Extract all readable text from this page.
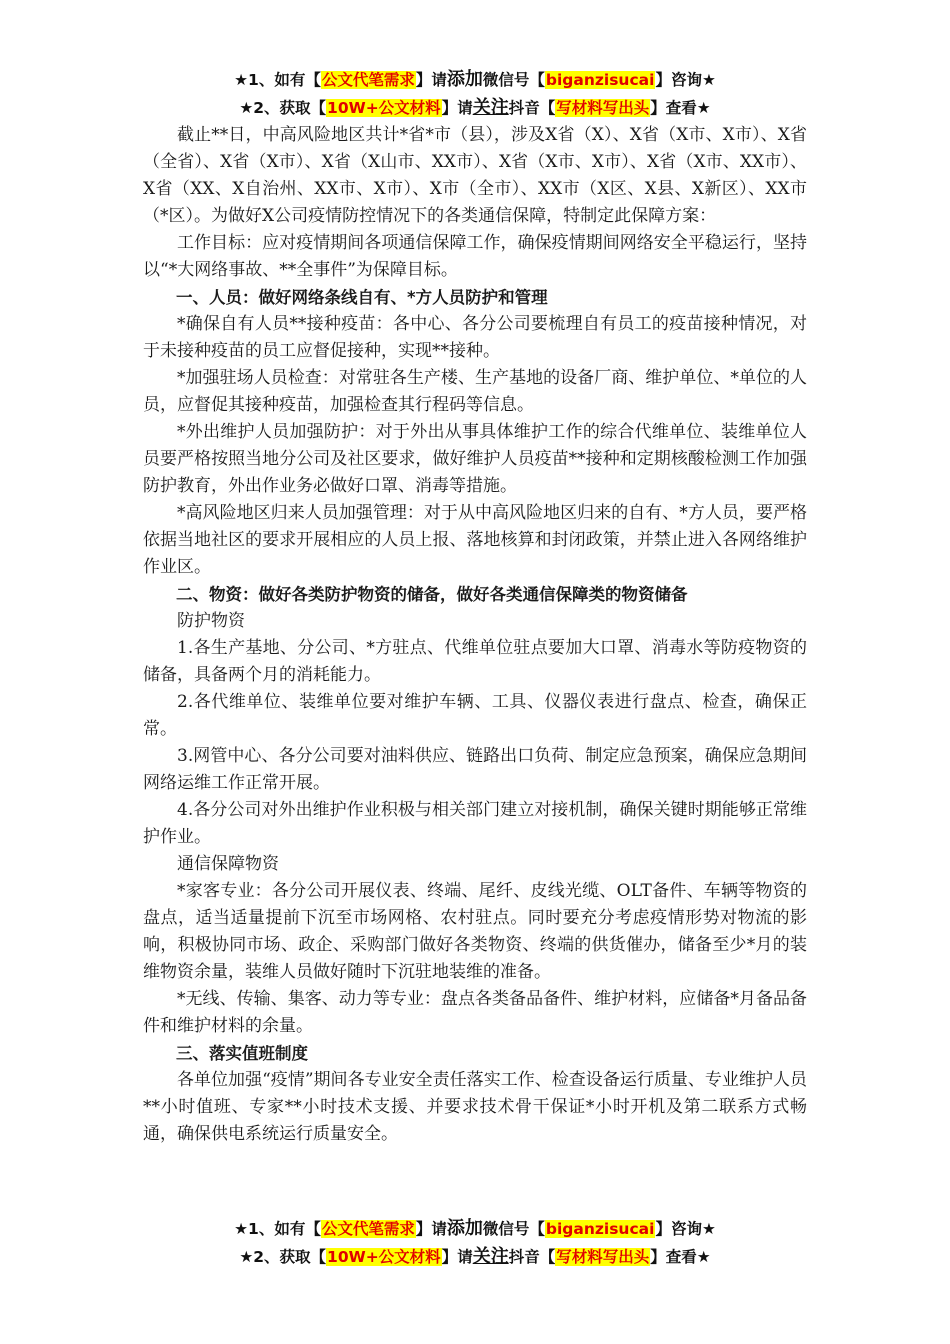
★1、如有【公文代笔需求】请添加微信号【biganzisucai】咨询★
★2、获取【10W+公文材料】请关注抖音【写材料写出头】查看★

截止**日，中高风险地区共计*省*市（县），涉及X省（X）、X省（X市、X市）、X省（全省）、X省（X市）、X省（X山市、XX市）、X省（X市、X市）、X省（X市、XX市）、X省（XX、X自治州、XX市、X市）、X市（全市）、XX市（X区、X县、X新区）、XX市（*区）。为做好X公司疫情防控情况下的各类通信保障，特制定此保障方案：

工作目标：应对疫情期间各项通信保障工作，确保疫情期间网络安全平稳运行，坚持以“*大网络事故、**全事件”为保障目标。

一、人员：做好网络条线自有、*方人员防护和管理

*确保自有人员**接种疫苗：各中心、各分公司要梳理自有员工的疫苗接种情况，对于未接种疫苗的员工应督促接种，实现**接种。

*加强驻场人员检查：对常驻各生产楼、生产基地的设备厂商、维护单位、*单位的人员，应督促其接种疫苗，加强检查其行程码等信息。

*外出维护人员加强防护：对于外出从事具体维护工作的综合代维单位、装维单位人员要严格按照当地分公司及社区要求，做好维护人员疫苗**接种和定期核酸检测工作加强防护教育，外出作业务必做好口罩、消毒等措施。

*高风险地区归来人员加强管理：对于从中高风险地区归来的自有、*方人员，要严格依据当地社区的要求开展相应的人员上报、落地核算和封闭政策，并禁止进入各网络维护作业区。

二、物资：做好各类防护物资的储备，做好各类通信保障类的物资储备

防护物资

1.各生产基地、分公司、*方驻点、代维单位驻点要加大口罩、消毒水等防疫物资的储备，具备两个月的消耗能力。

2.各代维单位、装维单位要对维护车辆、工具、仪器仪表进行盘点、检查，确保正常。

3.网管中心、各分公司要对油料供应、链路出口负荷、制定应急预案，确保应急期间网络运维工作正常开展。

4.各分公司对外出维护作业积极与相关部门建立对接机制，确保关键时期能够正常维护作业。

通信保障物资

*家客专业：各分公司开展仪表、终端、尾纤、皮线光缆、OLT备件、车辆等物资的盘点，适当适量提前下沉至市场网格、农村驻点。同时要充分考虑疫情形势对物流的影响，积极协同市场、政企、采购部门做好各类物资、终端的供货催办，储备至少*月的装维物资余量，装维人员做好随时下沉驻地装维的准备。

*无线、传输、集客、动力等专业：盘点各类备品备件、维护材料，应储备*月备品备件和维护材料的余量。

三、落实值班制度

各单位加强“疫情”期间各专业安全责任落实工作、检查设备运行质量、专业维护人员**小时值班、专家**小时技术支援、并要求技术骨干保证*小时开机及第二联系方式畅通，确保供电系统运行质量安全。

★1、如有【公文代笔需求】请添加微信号【biganzisucai】咨询★
★2、获取【10W+公文材料】请关注抖音【写材料写出头】查看★
